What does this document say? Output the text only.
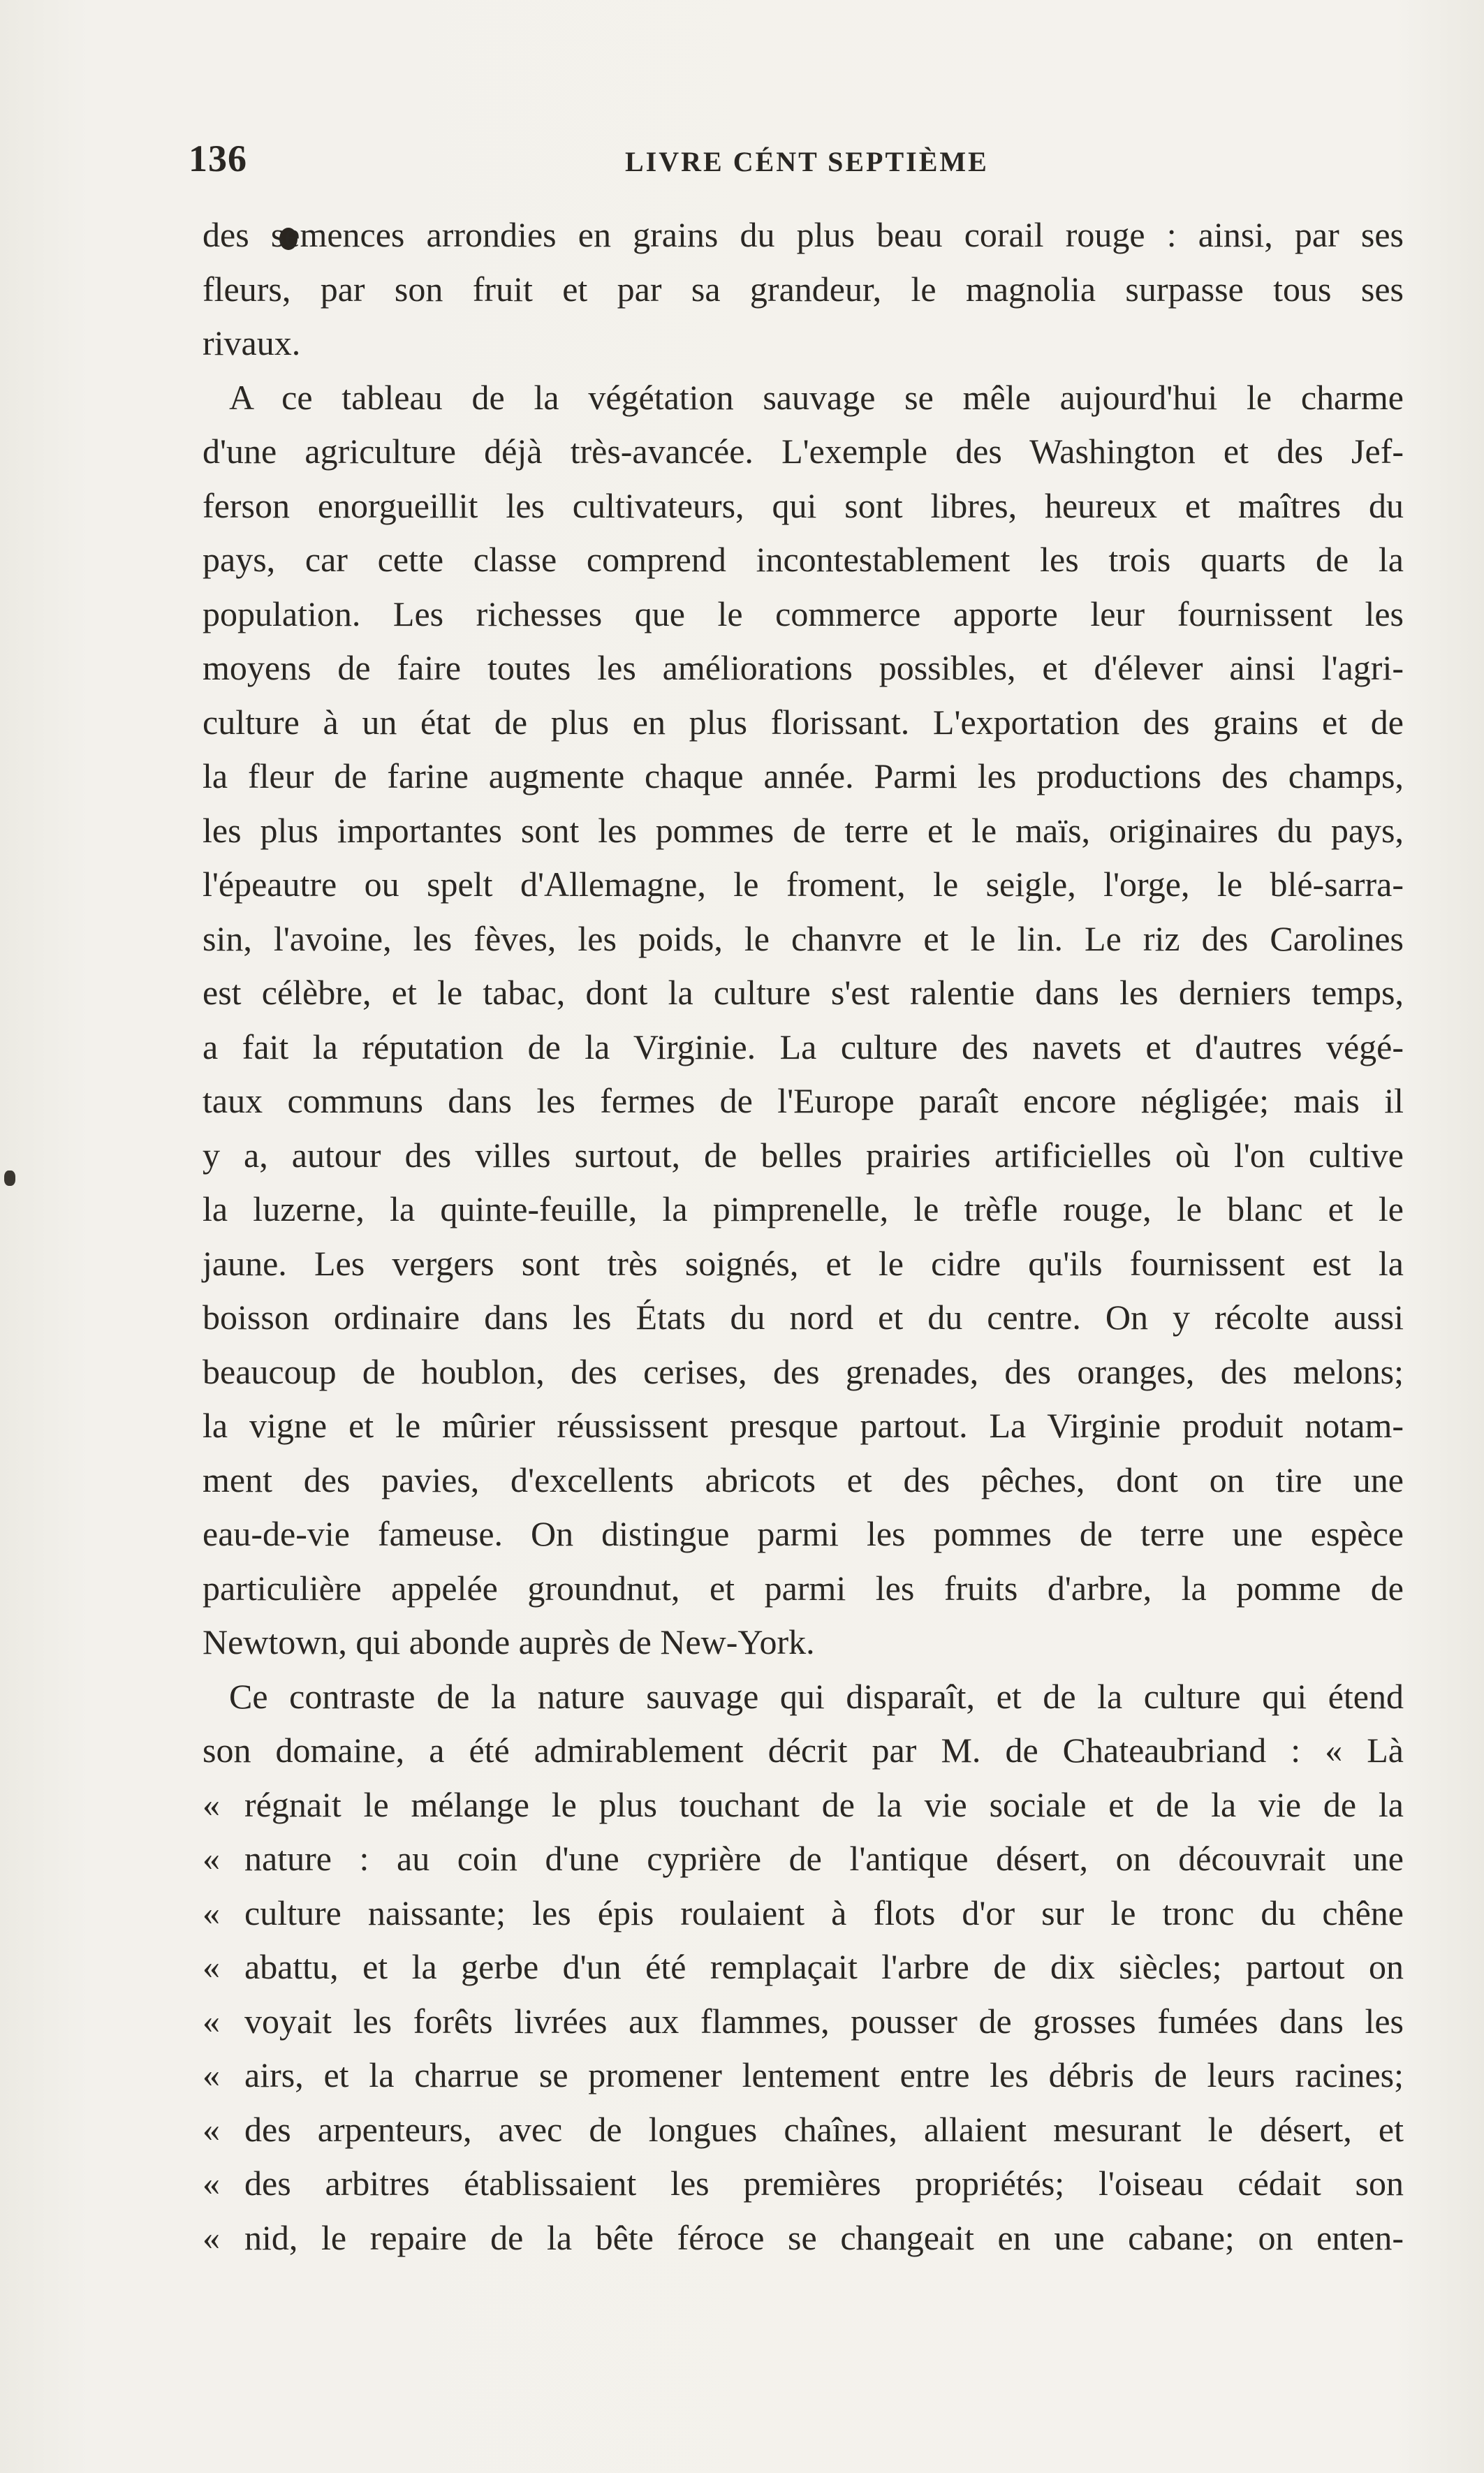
136	LIVRE CÉNT SEPTIÈME
des semences arrondies en grains du plus beau corail rouge : ainsi, par ses
fleurs, par son fruit et par sa grandeur, le magnolia surpasse tous ses
rivaux.
A ce tableau de la végétation sauvage se mêle aujourd'hui le charme
d'une agriculture déjà très-avancée. L'exemple des Washington et des Jef-
ferson enorgueillit les cultivateurs, qui sont libres, heureux et maîtres du
pays, car cette classe comprend incontestablement les trois quarts de la
population. Les richesses que le commerce apporte leur fournissent les
moyens de faire toutes les améliorations possibles, et d'élever ainsi l'agri-
culture à un état de plus en plus florissant. L'exportation des grains et de
la fleur de farine augmente chaque année. Parmi les productions des champs,
les plus importantes sont les pommes de terre et le maïs, originaires du pays,
l'épeautre ou spelt d'Allemagne, le froment, le seigle, l'orge, le blé-sarra-
sin, l'avoine, les fèves, les poids, le chanvre et le lin. Le riz des Carolines
est célèbre, et le tabac, dont la culture s'est ralentie dans les derniers temps,
a fait la réputation de la Virginie. La culture des navets et d'autres végé-
taux communs dans les fermes de l'Europe paraît encore négligée; mais il
y a, autour des villes surtout, de belles prairies artificielles où l'on cultive
la luzerne, la quinte-feuille, la pimprenelle, le trèfle rouge, le blanc et le
jaune. Les vergers sont très soignés, et le cidre qu'ils fournissent est la
boisson ordinaire dans les États du nord et du centre. On y récolte aussi
beaucoup de houblon, des cerises, des grenades, des oranges, des melons;
la vigne et le mûrier réussissent presque partout. La Virginie produit notam-
ment des pavies, d'excellents abricots et des pêches, dont on tire une
eau-de-vie fameuse. On distingue parmi les pommes de terre une espèce
particulière appelée groundnut, et parmi les fruits d'arbre, la pomme de
Newtown, qui abonde auprès de New-York.
Ce contraste de la nature sauvage qui disparaît, et de la culture qui étend
son domaine, a été admirablement décrit par M. de Chateaubriand : « Là
« régnait le mélange le plus touchant de la vie sociale et de la vie de la
« nature : au coin d'une cyprière de l'antique désert, on découvrait une
« culture naissante; les épis roulaient à flots d'or sur le tronc du chêne
« abattu, et la gerbe d'un été remplaçait l'arbre de dix siècles; partout on
« voyait les forêts livrées aux flammes, pousser de grosses fumées dans les
« airs, et la charrue se promener lentement entre les débris de leurs racines;
« des arpenteurs, avec de longues chaînes, allaient mesurant le désert, et
« des arbitres établissaient les premières propriétés; l'oiseau cédait son
« nid, le repaire de la bête féroce se changeait en une cabane; on enten-
